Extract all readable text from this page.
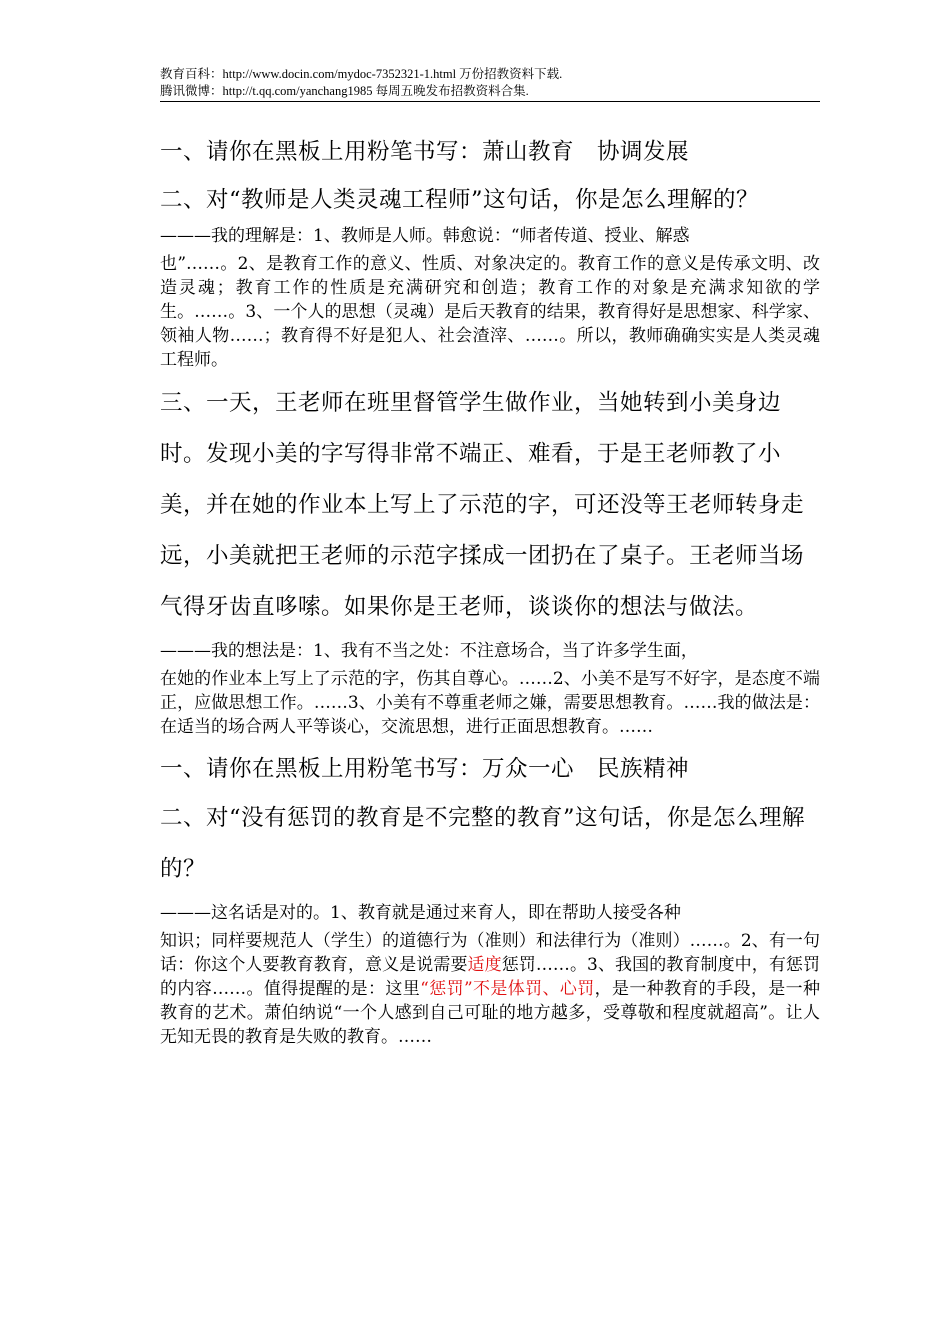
教育百科：http://www.docin.com/mydoc-7352321-1.html 万份招教资料下载.
腾讯微博：http://t.qq.com/yanchang1985 每周五晚发布招教资料合集.

一、请你在黑板上用粉笔书写：萧山教育　协调发展

二、对“教师是人类灵魂工程师”这句话，你是怎么理解的？

———我的理解是：1、教师是人师。韩愈说：“师者传道、授业、解惑
也”……。2、是教育工作的意义、性质、对象决定的。教育工作的意义是传承文明、改造灵魂；教育工作的性质是充满研究和创造；教育工作的对象是充满求知欲的学生。……。3、一个人的思想（灵魂）是后天教育的结果，教育得好是思想家、科学家、领袖人物……；教育得不好是犯人、社会渣滓、……。所以，教师确确实实是人类灵魂工程师。

三、一天，王老师在班里督管学生做作业，当她转到小美身边时。发现小美的字写得非常不端正、难看，于是王老师教了小美，并在她的作业本上写上了示范的字，可还没等王老师转身走远，小美就把王老师的示范字揉成一团扔在了桌子。王老师当场气得牙齿直哆嗦。如果你是王老师，谈谈你的想法与做法。

———我的想法是：1、我有不当之处：不注意场合，当了许多学生面，
在她的作业本上写上了示范的字，伤其自尊心。……2、小美不是写不好字，是态度不端正，应做思想工作。……3、小美有不尊重老师之嫌，需要思想教育。……我的做法是：在适当的场合两人平等谈心，交流思想，进行正面思想教育。……

一、请你在黑板上用粉笔书写：万众一心　民族精神

二、对“没有惩罚的教育是不完整的教育”这句话，你是怎么理解的？

———这名话是对的。1、教育就是通过来育人，即在帮助人接受各种
知识；同样要规范人（学生）的道德行为（准则）和法律行为（准则）……。2、有一句话：你这个人要教育教育，意义是说需要适度惩罚……。3、我国的教育制度中，有惩罚的内容……。值得提醒的是：这里“惩罚”不是体罚、心罚，是一种教育的手段，是一种教育的艺术。萧伯纳说“一个人感到自己可耻的地方越多，受尊敬和程度就超高”。让人无知无畏的教育是失败的教育。……
